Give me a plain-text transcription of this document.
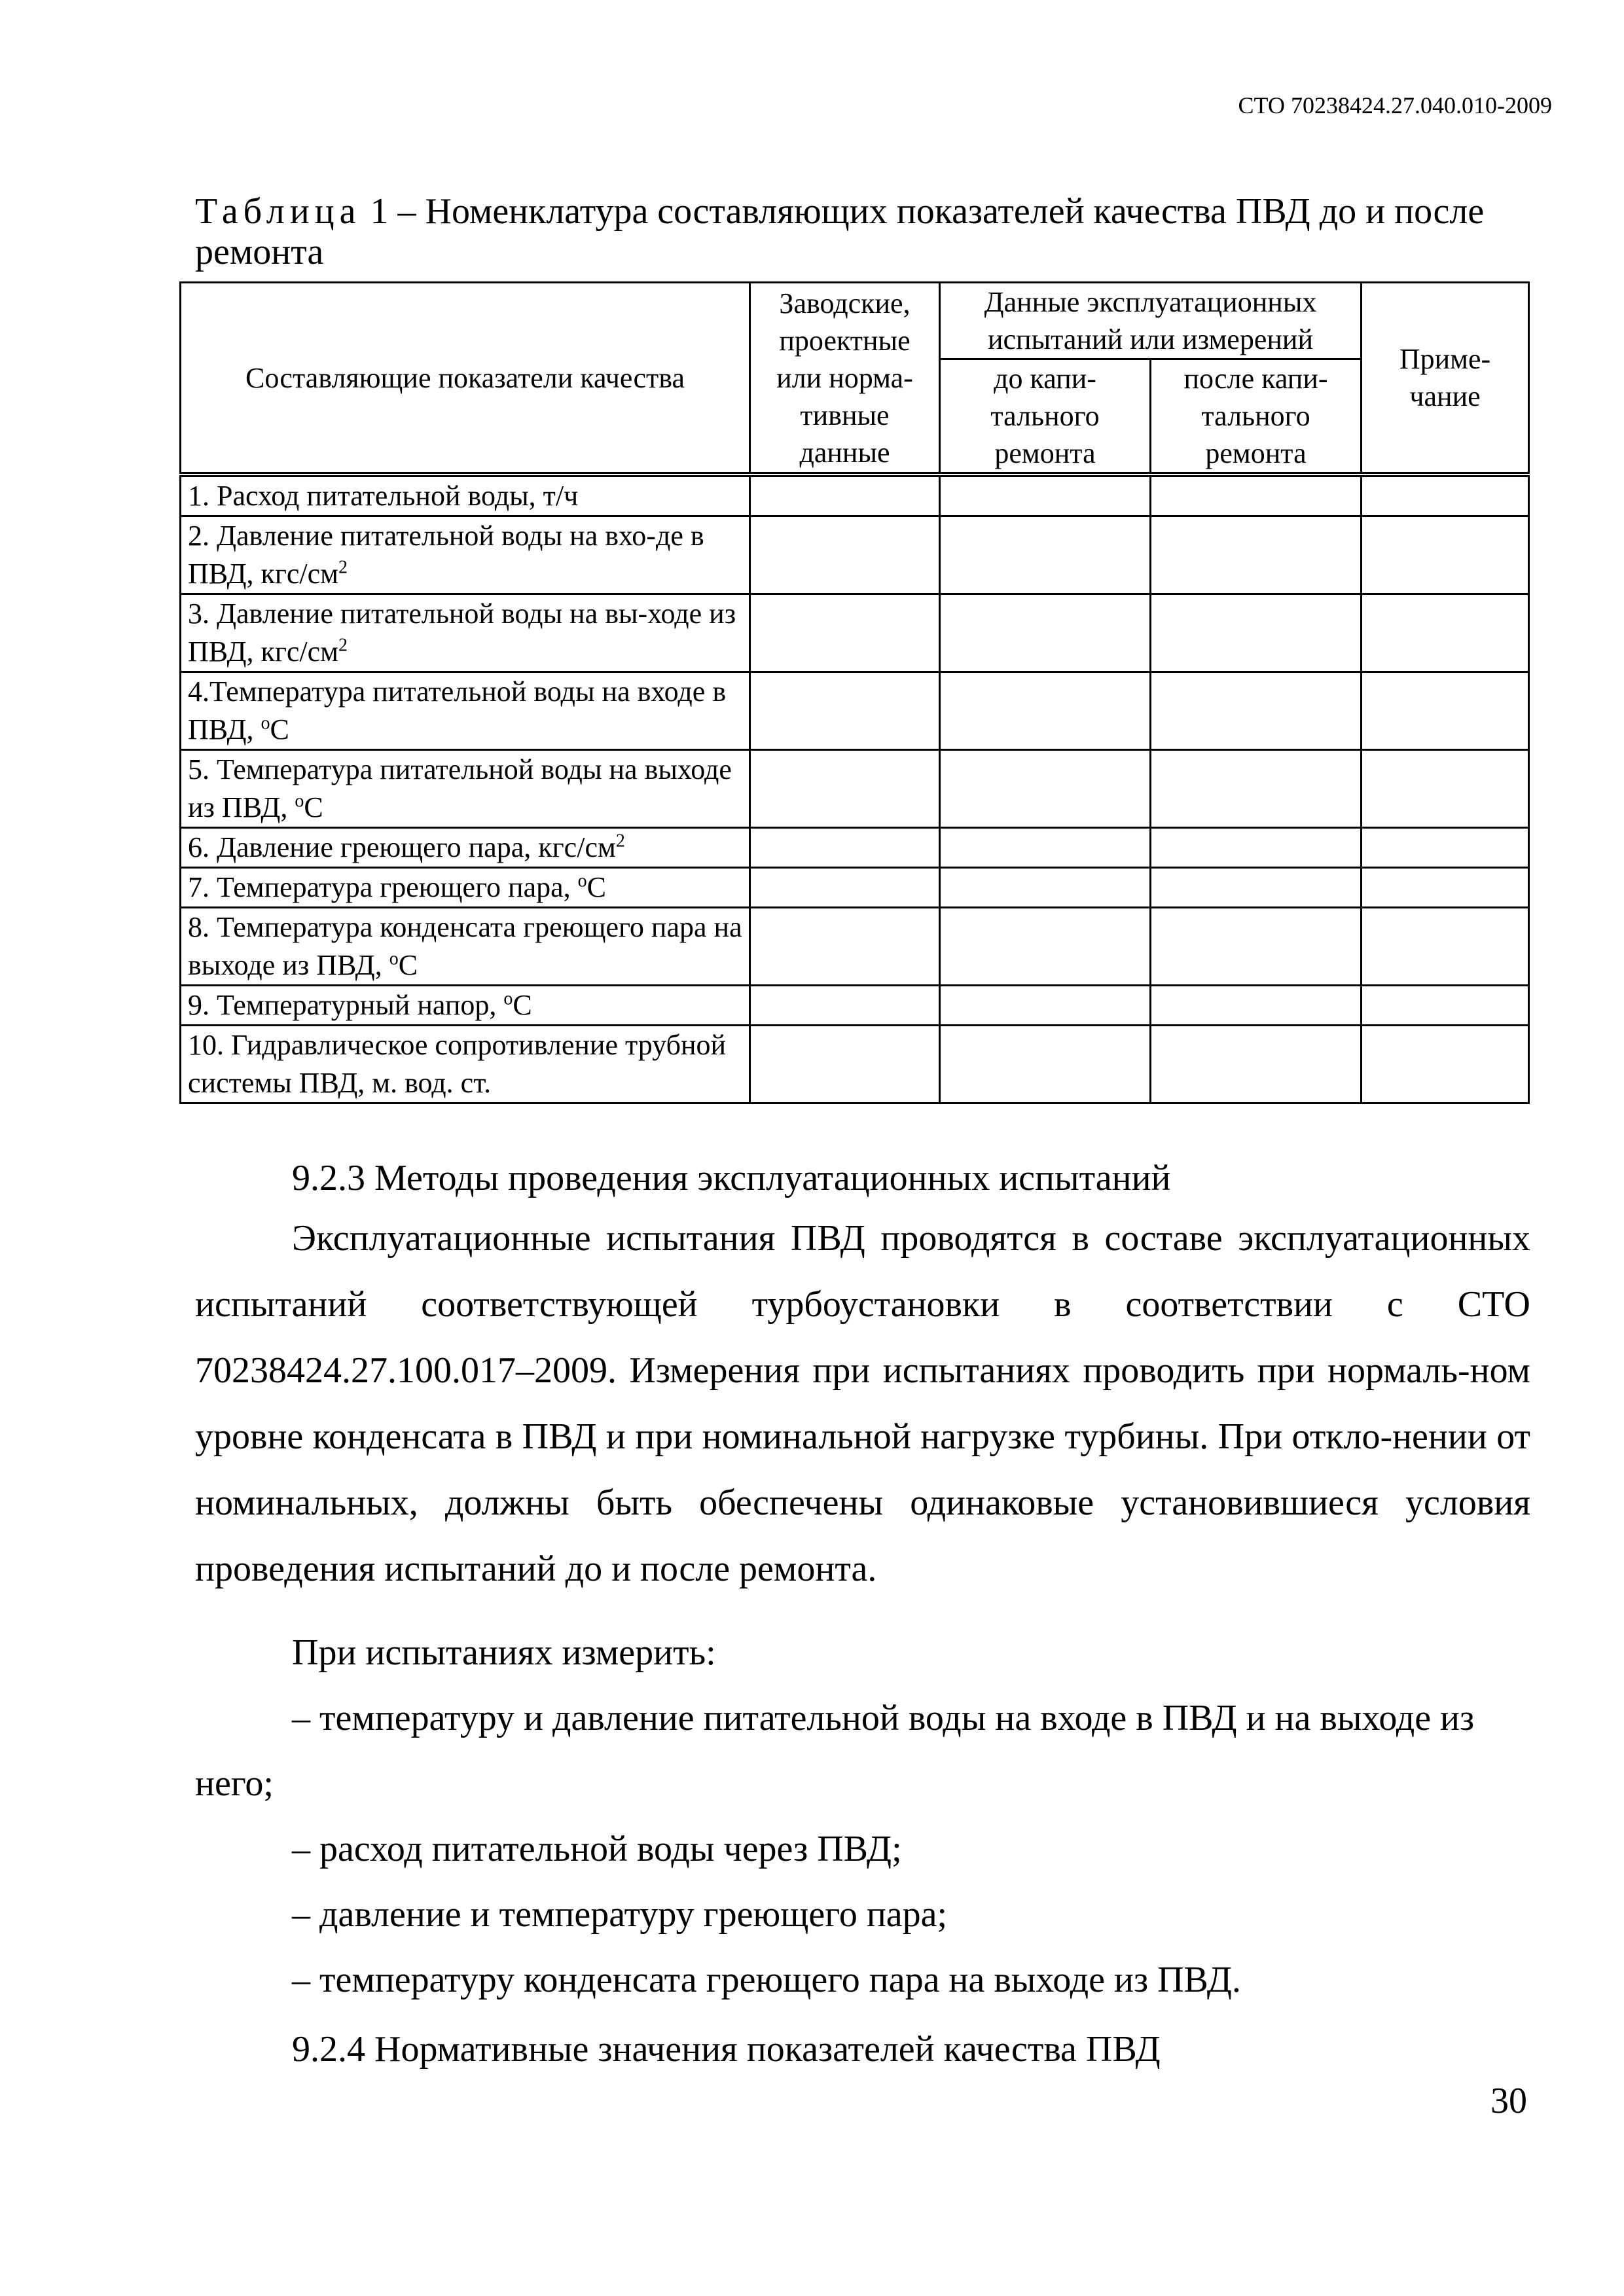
СТО 70238424.27.040.010-2009
Таблица 1 – Номенклатура составляющих показателей качества ПВД до и после ремонта
Составляющие показатели качества	Заводские, проектные или норма-тивные данные	Данные эксплуатационных испытаний или измерений		Приме-чание
		до капи-тального ремонта	после капи-тального ремонта	
1. Расход питательной воды, т/ч				
2. Давление питательной воды на вхо-де в ПВД, кгс/$см^2$				
3. Давление питательной воды на вы-ходе из ПВД, кгс/$см^2$				
4.Температура питательной воды на входе в ПВД, $^о$С				
5. Температура питательной воды на выходе из ПВД, $^о$С				
6. Давление греющего пара, кгс/$см^2$				
7. Температура греющего пара, $^о$С				
8. Температура конденсата греющего пара на выходе из ПВД, $^о$С				
9. Температурный напор, $^о$С				
10. Гидравлическое сопротивление трубной системы ПВД, м. вод. ст.				
9.2.3 Методы проведения эксплуатационных испытаний
Эксплуатационные испытания ПВД проводятся в составе эксплуатационных испытаний соответствующей турбоустановки в соответствии с СТО 70238424.27.100.017–2009. Измерения при испытаниях проводить при нормаль-ном уровне конденсата в ПВД и при номинальной нагрузке турбины. При откло-нении от номинальных, должны быть обеспечены одинаковые установившиеся условия проведения испытаний до и после ремонта.
При испытаниях измерить:
– температуру и давление питательной воды на входе в ПВД и на выходе из него;
– расход питательной воды через ПВД;
– давление и температуру греющего пара;
– температуру конденсата греющего пара на выходе из ПВД.
9.2.4 Нормативные значения показателей качества ПВД
30
